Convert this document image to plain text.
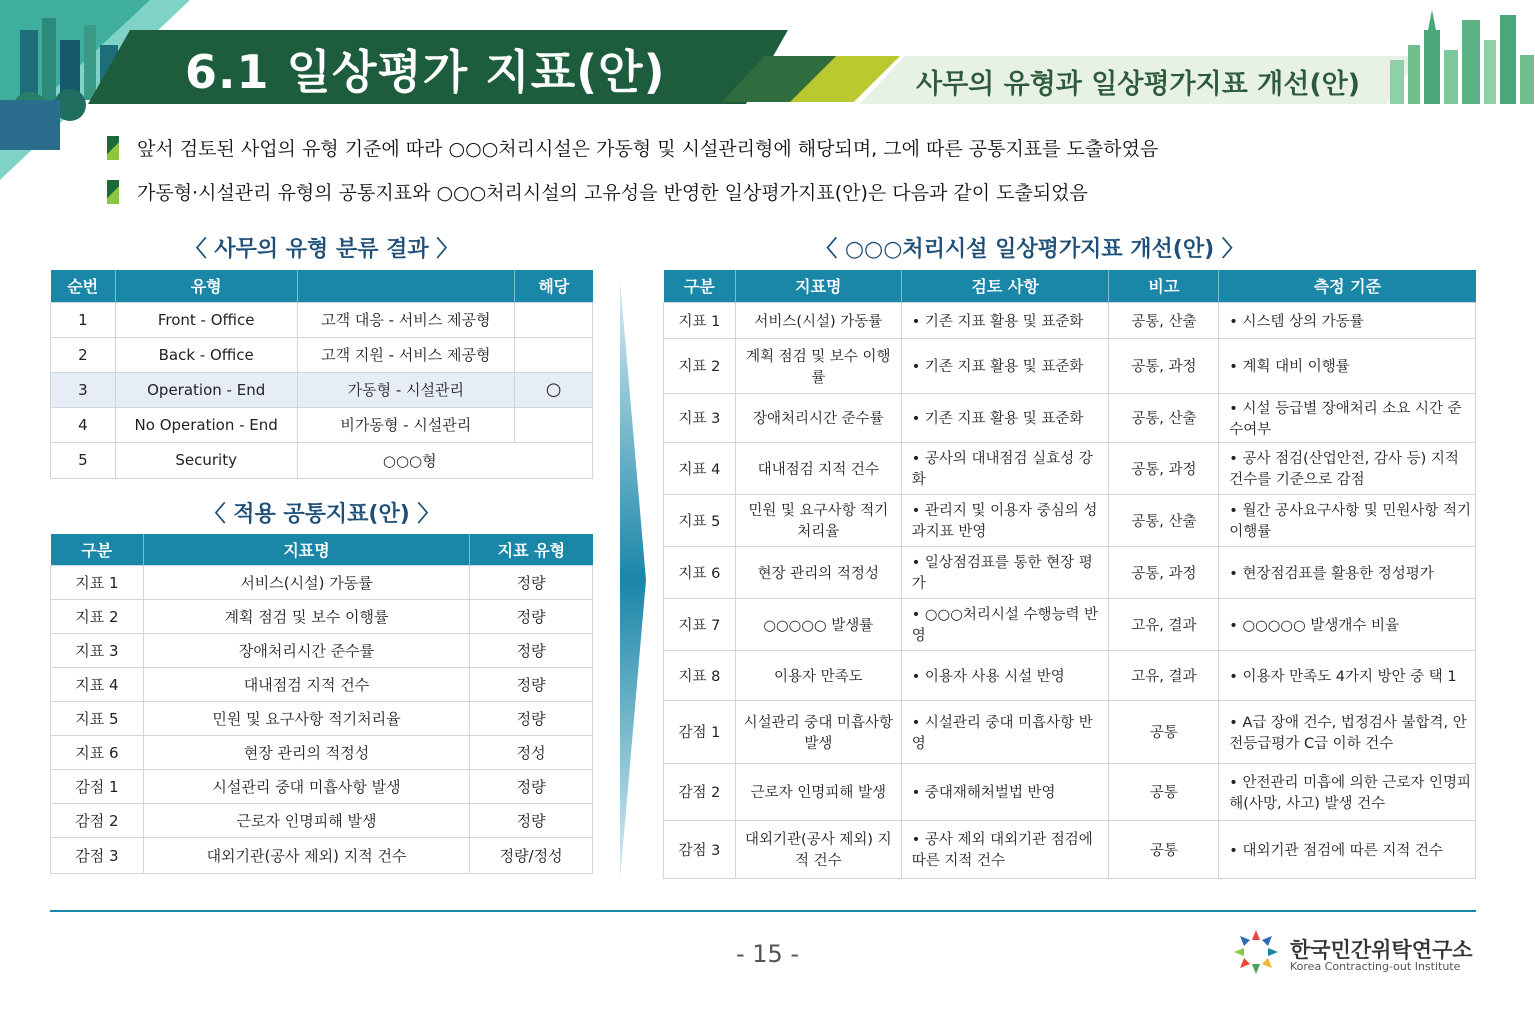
6.1 일상평가 지표(안)	사무의 유형과 일상평가지표 개선(안)
앞서 검토된 사업의 유형 기준에 따라 ○○○처리시설은 가동형 및 시설관리형에 해당되며, 그에 따른 공통지표를 도출하였음
가동형·시설관리 유형의 공통지표와 ○○○처리시설의 고유성을 반영한 일상평가지표(안)은 다음과 같이 도출되었음
〈 사무의 유형 분류 결과 〉
순번	유형		해당
1	Front - Office	고객 대응 - 서비스 제공형	
2	Back - Office	고객 지원 - 서비스 제공형	
3	Operation - End	가동형 - 시설관리	○
4	No Operation - End	비가동형 - 시설관리	
5	Security	○○○형	
〈 적용 공통지표(안) 〉
구분	지표명	지표 유형
지표 1	서비스(시설) 가동률	정량
지표 2	계획 점검 및 보수 이행률	정량
지표 3	장애처리시간 준수률	정량
지표 4	대내점검 지적 건수	정량
지표 5	민원 및 요구사항 적기처리율	정량
지표 6	현장 관리의 적정성	정성
감점 1	시설관리 중대 미흡사항 발생	정량
감점 2	근로자 인명피해 발생	정량
감점 3	대외기관(공사 제외) 지적 건수	정량/정성
〈 ○○○처리시설 일상평가지표 개선(안) 〉
구분	지표명	검토 사항	비고	측정 기준
지표 1	서비스(시설) 가동률	• 기존 지표 활용 및 표준화	공통, 산출	• 시스템 상의 가동률
지표 2	계획 점검 및 보수 이행률	• 기존 지표 활용 및 표준화	공통, 과정	• 계획 대비 이행률
지표 3	장애처리시간 준수률	• 기존 지표 활용 및 표준화	공통, 산출	• 시설 등급별 장애처리 소요 시간 준수여부
지표 4	대내점검 지적 건수	• 공사의 대내점검 실효성 강화	공통, 과정	• 공사 점검(산업안전, 감사 등) 지적 건수를 기준으로 감점
지표 5	민원 및 요구사항 적기 처리율	• 관리지 및 이용자 중심의 성과지표 반영	공통, 산출	• 월간 공사요구사항 및 민원사항 적기이행률
지표 6	현장 관리의 적정성	• 일상점검표를 통한 현장 평가	공통, 과정	• 현장점검표를 활용한 정성평가
지표 7	○○○○○ 발생률	• ○○○처리시설 수행능력 반영	고유, 결과	• ○○○○○ 발생개수 비율
지표 8	이용자 만족도	• 이용자 사용 시설 반영	고유, 결과	• 이용자 만족도 4가지 방안 중 택 1
감점 1	시설관리 중대 미흡사항 발생	• 시설관리 중대 미흡사항 반영	공통	• A급 장애 건수, 법정검사 불합격, 안전등급평가 C급 이하 건수
감점 2	근로자 인명피해 발생	• 중대재해처벌법 반영	공통	• 안전관리 미흡에 의한 근로자 인명피해(사망, 사고) 발생 건수
감점 3	대외기관(공사 제외) 지적 건수	• 공사 제외 대외기관 점검에 따른 지적 건수	공통	• 대외기관 점검에 따른 지적 건수
- 15 -	한국민간위탁연구소
Korea Contracting-out Institute
